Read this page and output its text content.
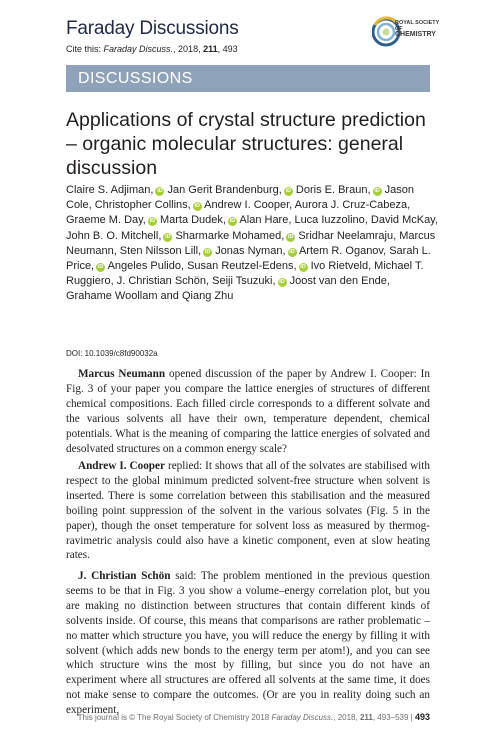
Faraday Discussions
Cite this: Faraday Discuss., 2018, 211, 493
ROYAL SOCIETY
OF
CHEMISTRY
DISCUSSIONS
Applications of crystal structure prediction – organic molecular structures: general discussion
Claire S. Adjiman, iD Jan Gerit Brandenburg, iD Doris E. Braun, iD Jason Cole, Christopher Collins, iD Andrew I. Cooper, Aurora J. Cruz-Cabeza, Graeme M. Day, iD Marta Dudek, iD Alan Hare, Luca Iuzzolino, David McKay, John B. O. Mitchell, iD Sharmarke Mohamed, iD Sridhar Neelamraju, Marcus Neumann, Sten Nilsson Lill, iD Jonas Nyman, iD Artem R. Oganov, Sarah L. Price, iD Angeles Pulido, Susan Reutzel-Edens, iD Ivo Rietveld, Michael T. Ruggiero, J. Christian Schön, Seiji Tsuzuki, iD Joost van den Ende, Grahame Woollam and Qiang Zhu
DOI: 10.1039/c8fd90032a

Marcus Neumann opened discussion of the paper by Andrew I. Cooper: In Fig. 3 of your paper you compare the lattice energies of structures of different chemical compositions. Each filled circle corresponds to a different solvate and the various solvents all have their own, temperature dependent, chemical potentials. What is the meaning of comparing the lattice energies of solvated and desolvated structures on a common energy scale?

Andrew I. Cooper replied: It shows that all of the solvates are stabilised with respect to the global minimum predicted solvent-free structure when solvent is inserted. There is some correlation between this stabilisation and the measured boiling point suppression of the solvent in the various solvates (Fig. 5 in the paper), though the onset temperature for solvent loss as measured by thermogravimetric analysis could also have a kinetic component, even at slow heating rates.

J. Christian Schön said: The problem mentioned in the previous question seems to be that in Fig. 3 you show a volume–energy correlation plot, but you are making no distinction between structures that contain different kinds of solvents inside. Of course, this means that comparisons are rather problematic – no matter which structure you have, you will reduce the energy by filling it with solvent (which adds new bonds to the energy term per atom!), and you can see which structure wins the most by filling, but since you do not have an experiment where all structures are offered all solvents at the same time, it does not make sense to compare the outcomes. (Or are you in reality doing such an experiment,

This journal is © The Royal Society of Chemistry 2018 Faraday Discuss., 2018, 211, 493–539 | 493
